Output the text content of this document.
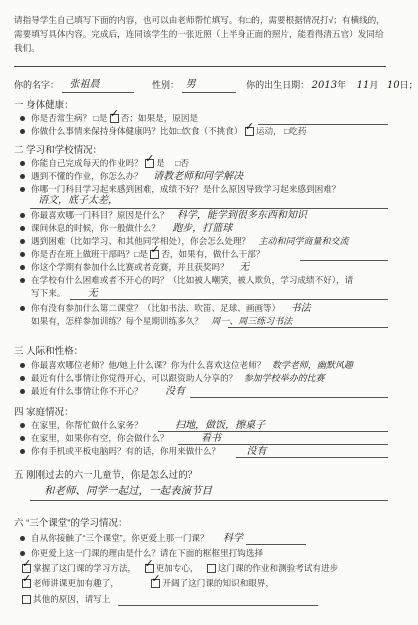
请指导学生自己填写下面的内容，也可以由老师帮忙填写。有□的，需要根据情况打√；有横线的，需要填写具体内容。完成后，连同该学生的一张近照（上半身正面的照片，能看得清五官）发同给我们。
你的名字： 张祖晨	性别： 男	你的出生日期： 2013年 11月 10日；
一 身体健康：
你是否常生病？ □是 ✓ 否；如果是，原因是
你做什么事情来保持身体健康吗？比如□饮食（不挑食） ✓ 运动， □吃药
二 学习和学校情况：
你能自己完成每天的作业吗？ ✓ 是 □否
遇到不懂的作业，你怎么办？ 请教老师和同学解决
你哪一门科目学习起来感到困难，成绩不好？是什么原因导致学习起来感到困难？
语文，底子太差，
你最喜欢哪一门科目？原因是什么？ 科学，能学到很多东西和知识
课间休息的时候，你一般做什么？ 跑步，打篮球
遇到困难（比如学习、和其他同学相处），你会怎么处理？ 主动和同学商量和交流
你是否在班上做班干部吗？□是 ✓ 否，如果有，做什么干部？
你这个学期有参加什么比赛或者竞赛，并且获奖吗？ 无
在学校有什么困难或者不开心的吗？（比如被人嘲笑，被人欺负，学习成绩不好），请
写下来。 无
你有没有参加什么第二课堂？（比如书法、吹笛、足球、画画等） 书法
如果有，怎样参加训练？每个星期训练多久？ 周一、周三练习书法
三 人际和性格：
你最喜欢哪位老师？他/她上什么课？你为什么喜欢这位老师？ 数学老师，幽默风趣
最近有什么事情让你觉得开心，可以跟资助人分享的？ 参加学校举办的比赛
最近有什么事情让你不开心？ 没有
四 家庭情况：
在家里，你帮忙做什么家务？	扫地，做饭，擦桌子
在家里，如果你有空，你会做什么？	看书
你有手机或平板电脑吗？有的话，你用来做什么？	没有
五 刚刚过去的六一儿童节，你是怎么过的？
和老师、同学一起过，一起表演节目
六 “三个课堂”的学习情况：
自从你接触了“三个课堂”，你更爱上那一门课？ 科学
你更爱上这一门课的理由是什么？请在下面的框框里打钩选择
✓掌握了这门课的学习方法， ✓ 更加专心， 这门课的作业和测验考试有进步
✓老师讲课更加有趣了， ✓	开阔了这门课的知识和眼界，
其他的原因，请写上
